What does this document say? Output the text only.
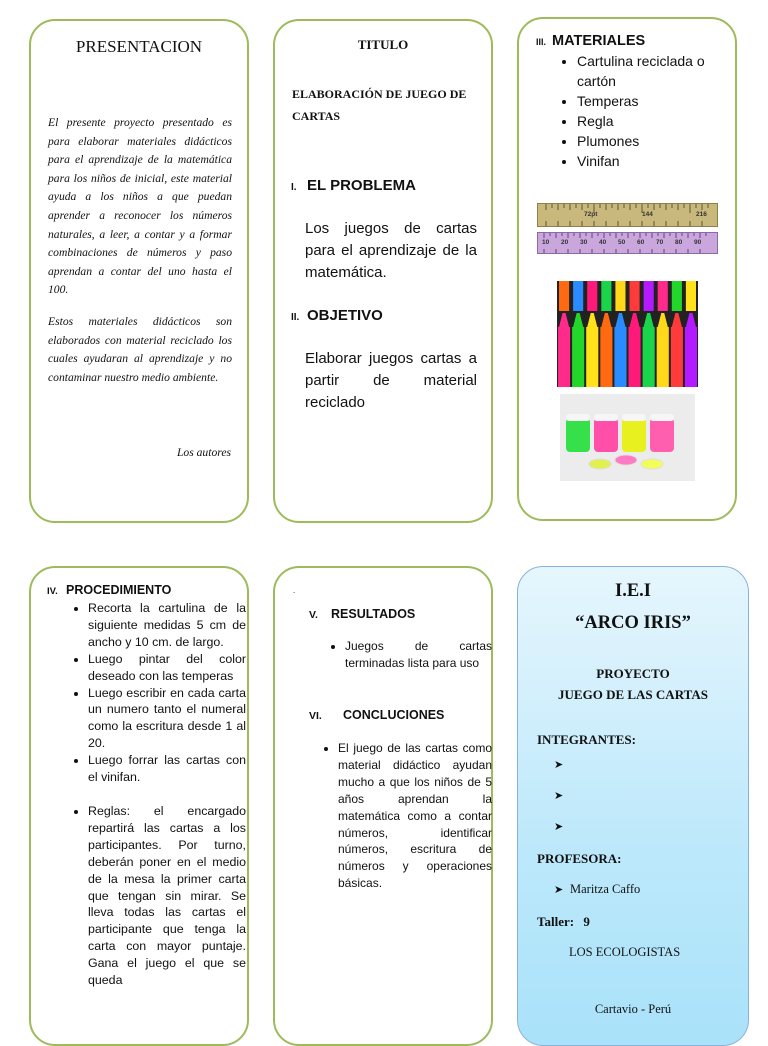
PRESENTACION

El presente proyecto presentado es para elaborar materiales didácticos para el aprendizaje de la matemática para los niños de inicial, este material ayuda a los niños a que puedan aprender a reconocer los números naturales, a leer, a contar y a formar combinaciones de números y paso aprendan a contar del uno hasta el 100.

Estos materiales didácticos son elaborados con material reciclado los cuales ayudaran al aprendizaje y no contaminar nuestro medio ambiente.

Los autores
TITULO
ELABORACIÓN DE JUEGO DE CARTAS
I. EL PROBLEMA

Los juegos de cartas para el aprendizaje de la matemática.

II. OBJETIVO

Elaborar juegos cartas a partir de material reciclado

III. MATERIALES
• Cartulina reciclada o cartón
• Temperas
• Regla
• Plumones
• Vinifan
72pt	144	216
10 20 30 40 50 60 70 80 90
IV. PROCEDIMIENTO
• Recorta la cartulina de la siguiente medidas 5 cm de ancho y 10 cm. de largo.
• Luego pintar del color deseado con las temperas
• Luego escribir en cada carta un numero tanto el numeral como la escritura desde 1 al 20.
• Luego forrar las cartas con el vinifan.
• Reglas: el encargado repartirá las cartas a los participantes. Por turno, deberán poner en el medio de la mesa la primer carta que tengan sin mirar. Se lleva todas las cartas el participante que tenga la carta con mayor puntaje. Gana el juego el que se queda
.
V. RESULTADOS
• Juegos de cartas terminadas lista para uso
VI. CONCLUCIONES
• El juego de las cartas como material didáctico ayudan mucho a que los niños de 5 años aprendan la matemática como a contar números, identificar números, escritura de números y operaciones básicas.
I.E.I
“ARCO IRIS”
PROYECTO
JUEGO DE LAS CARTAS
INTEGRANTES:
➤
➤
➤
PROFESORA:
➤ Maritza Caffo
Taller: 9
LOS ECOLOGISTAS
Cartavio - Perú
